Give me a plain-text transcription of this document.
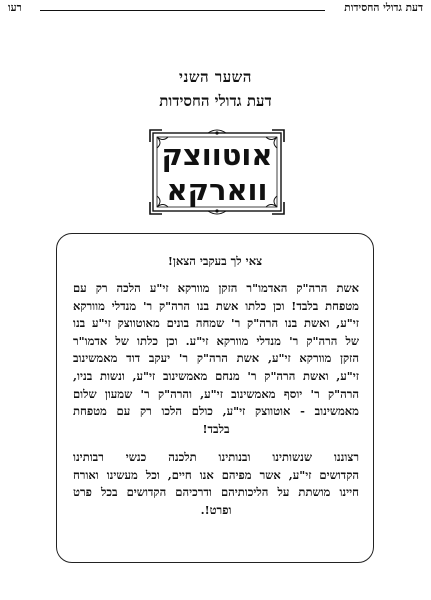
דעת גדולי החסידות
רעו
השער השני
דעת גדולי החסידות
אוטווצק
ווארקא
צאי לך בעקבי הצאן!

אשת הרה"ק האדמו"ר הזקן מוורקא זי"ע הלכה רק עם
מטפחת בלבד! וכן כלתו אשת בנו הרה"ק ר' מנדלי מוורקא
זי"ע, ואשת בנו הרה"ק ר' שמחה בונים מאוטווצק זי"ע בנו
של הרה"ק ר' מנדלי מוורקא זי"ע. וכן כלתו של אדמו"ר
הזקן מוורקא זי"ע, אשת הרה"ק ר' יעקב דוד מאמשינוב
זי"ע, ואשת הרה"ק ר' מנחם מאמשינוב זי"ע, ונשות בניו,
הרה"ק ר' יוסף מאמשינוב זי"ע, והרה"ק ר' שמעון שלום
מאמשינוב - אוטווצק זי"ע, כולם הלכו רק עם מטפחת
בלבד!

רצוננו שנשותינו ובנותינו תלכנה כנשי רבותינו
הקדושים זי"ע, אשר מפיהם אנו חיים, וכל מעשינו ואורח
חיינו מושתת על הליכותיהם ודרכיהם הקדושים בכל פרט
ופרט!.
